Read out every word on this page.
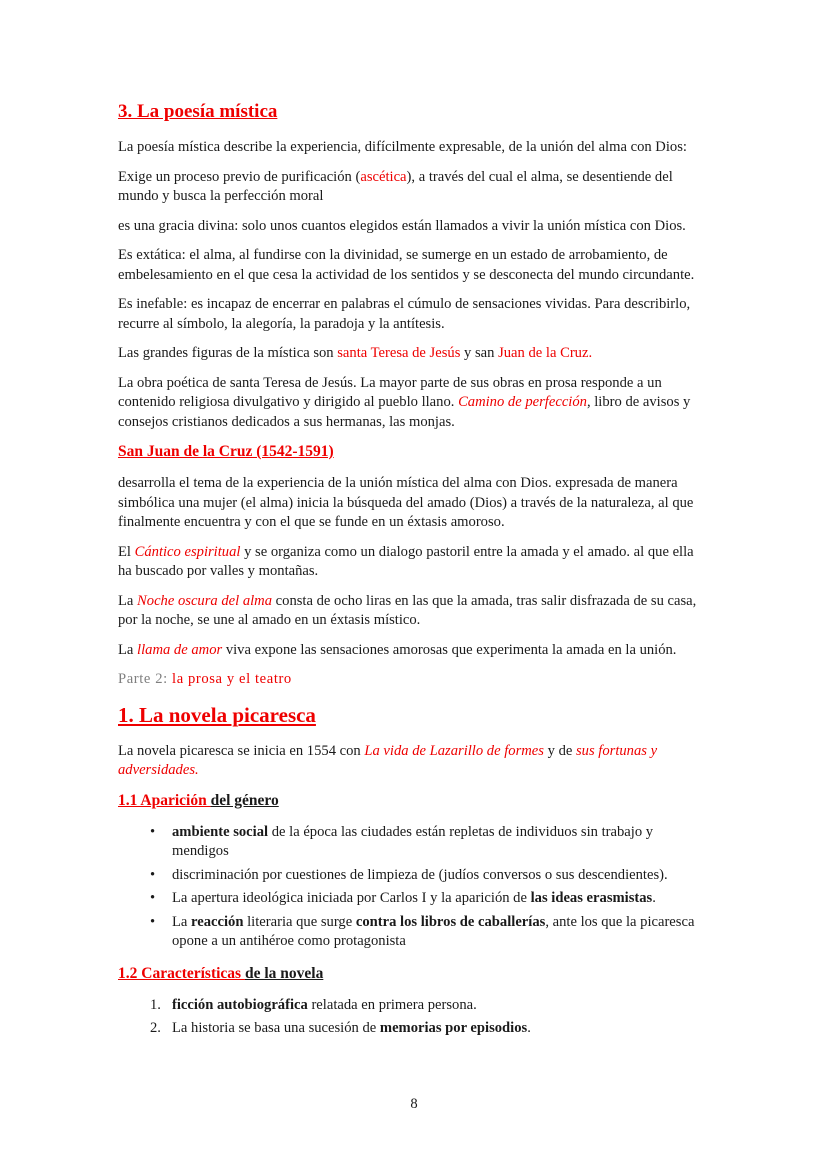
3. La poesía mística
La poesía mística describe la experiencia, difícilmente expresable, de la unión del alma con Dios:
Exige un proceso previo de purificación (ascética), a través del cual el alma, se desentiende del mundo y busca la perfección moral
es una gracia divina: solo unos cuantos elegidos están llamados a vivir la unión mística con Dios.
Es extática: el alma, al fundirse con la divinidad, se sumerge en un estado de arrobamiento, de embelesamiento en el que cesa la actividad de los sentidos y se desconecta del mundo circundante.
Es inefable: es incapaz de encerrar en palabras el cúmulo de sensaciones vividas. Para describirlo, recurre al símbolo, la alegoría, la paradoja y la antítesis.
Las grandes figuras de la mística son santa Teresa de Jesús y san Juan de la Cruz.
La obra poética de santa Teresa de Jesús. La mayor parte de sus obras en prosa responde a un contenido religiosa divulgativo y dirigido al pueblo llano. Camino de perfección, libro de avisos y consejos cristianos dedicados a sus hermanas, las monjas.
San Juan de la Cruz (1542-1591)
desarrolla el tema de la experiencia de la unión mística del alma con Dios. expresada de manera simbólica una mujer (el alma) inicia la búsqueda del amado (Dios) a través de la naturaleza, al que finalmente encuentra y con el que se funde en un éxtasis amoroso.
El Cántico espiritual y se organiza como un dialogo pastoril entre la amada y el amado. al que ella ha buscado por valles y montañas.
La Noche oscura del alma consta de ocho liras en las que la amada, tras salir disfrazada de su casa, por la noche, se une al amado en un éxtasis místico.
La llama de amor viva expone las sensaciones amorosas que experimenta la amada en la unión.
Parte 2: la prosa y el teatro
1. La novela picaresca
La novela picaresca se inicia en 1554 con La vida de Lazarillo de formes y de sus fortunas y adversidades.
1.1 Aparición del género
•	ambiente social de la época las ciudades están repletas de individuos sin trabajo y mendigos
•	discriminación por cuestiones de limpieza de (judíos conversos o sus descendientes).
•	La apertura ideológica iniciada por Carlos I y la aparición de las ideas erasmistas.
•	La reacción literaria que surge contra los libros de caballerías, ante los que la picaresca opone a un antihéroe como protagonista
1.2 Características de la novela
1. ficción autobiográfica relatada en primera persona.
2. La historia se basa una sucesión de memorias por episodios.
8
